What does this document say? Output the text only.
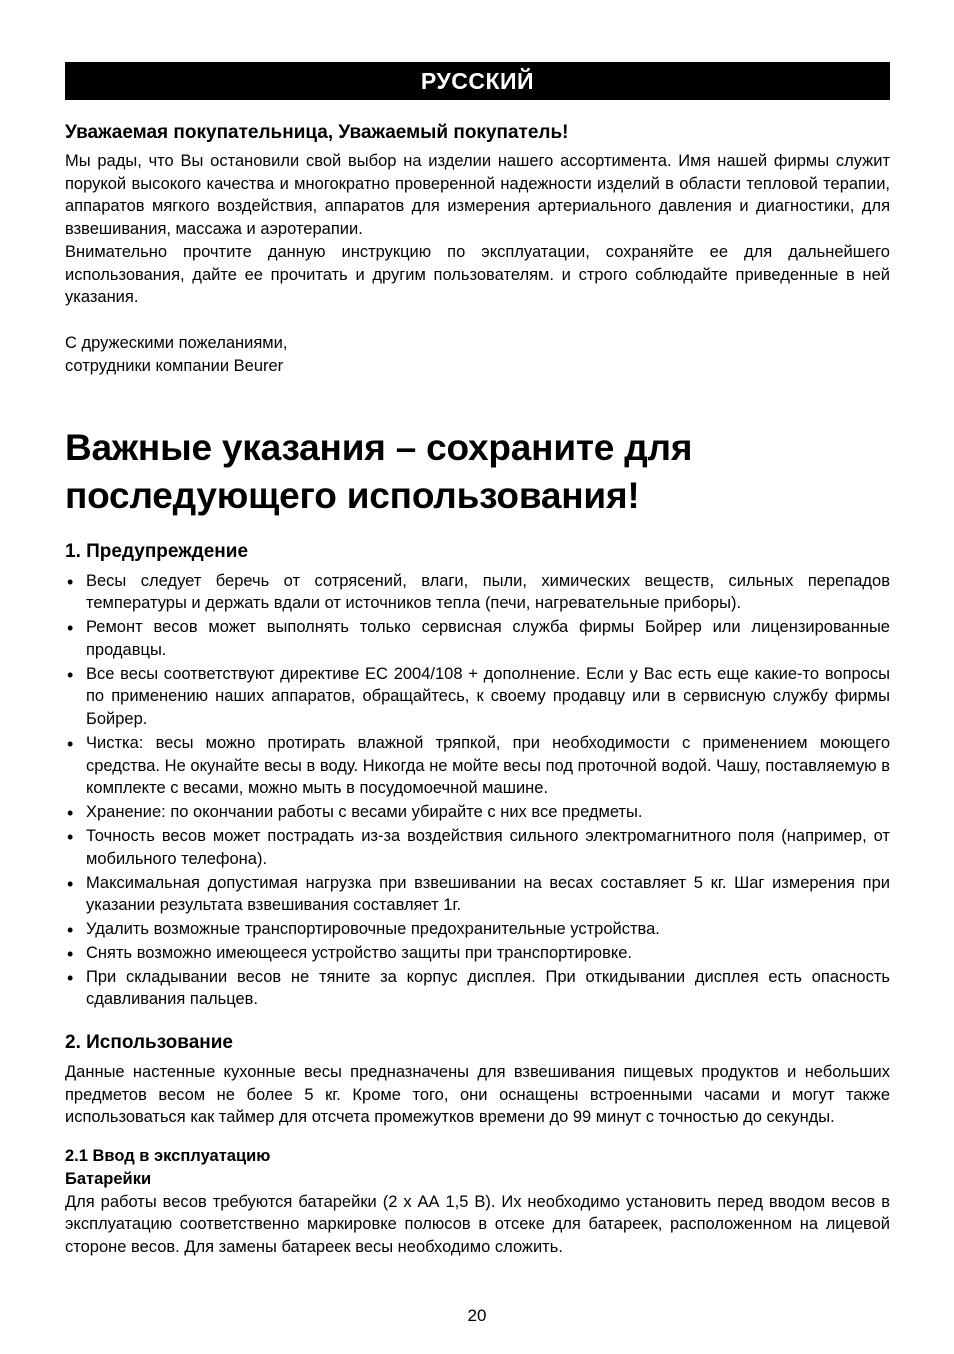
РУССКИЙ
Уважаемая покупательница, Уважаемый покупатель!

Мы рады, что Вы остановили свой выбор на изделии нашего ассортимента. Имя нашей фирмы служит порукой высокого качества и многократно проверенной надежности изделий в области тепловой терапии, аппаратов мягкого воздействия, аппаратов для измерения артериального давления и диагностики, для взвешивания, массажа и аэротерапии.

Внимательно прочтите данную инструкцию по эксплуатации, сохраняйте ее для дальнейшего использования, дайте ее прочитать и другим пользователям. и строго соблюдайте приведенные в ней указания.

С дружескими пожеланиями,
сотрудники компании Beurer
Важные указания – сохраните для последующего использования!
1. Предупреждение
•
Весы следует беречь от сотрясений, влаги, пыли, химических веществ, сильных перепадов температуры и держать вдали от источников тепла (печи, нагревательные приборы).
•
Ремонт весов может выполнять только сервисная служба фирмы Бойрер или лицензированные продавцы.
•
Все весы соответствуют директиве ЕС 2004/108 + дополнение. Если у Вас есть еще какие-то вопросы по применению наших аппаратов, обращайтесь, к своему продавцу или в сервисную службу фирмы Бойрер.
•
Чистка: весы можно протирать влажной тряпкой, при необходимости с применением моющего средства. Не окунайте весы в воду. Никогда не мойте весы под проточной водой. Чашу, поставляемую в комплекте с весами, можно мыть в посудомоечной машине.
•
Хранение: по окончании работы с весами убирайте с них все предметы.
•
Точность весов может пострадать из-за воздействия сильного электромагнитного поля (например, от мобильного телефона).
•
Максимальная допустимая нагрузка при взвешивании на весах составляет 5 кг. Шаг измерения при указании результата взвешивания составляет 1г.
•
Удалить возможные транспортировочные предохранительные устройства.
•
Снять возможно имеющееся устройство защиты при транспортировке.
•
При складывании весов не тяните за корпус дисплея. При откидывании дисплея есть опасность сдавливания пальцев.
2. Использование

Данные настенные кухонные весы предназначены для взвешивания пищевых продуктов и небольших предметов весом не более 5 кг. Кроме того, они оснащены встроенными часами и могут также использоваться как таймер для отсчета промежутков времени до 99 минут с точностью до секунды.

2.1 Ввод в эксплуатацию

Батарейки

Для работы весов требуются батарейки (2 х АА 1,5 В). Их необходимо установить перед вводом весов в эксплуатацию соответственно маркировке полюсов в отсеке для батареек, расположенном на лицевой стороне весов. Для замены батареек весы необходимо сложить.

20
